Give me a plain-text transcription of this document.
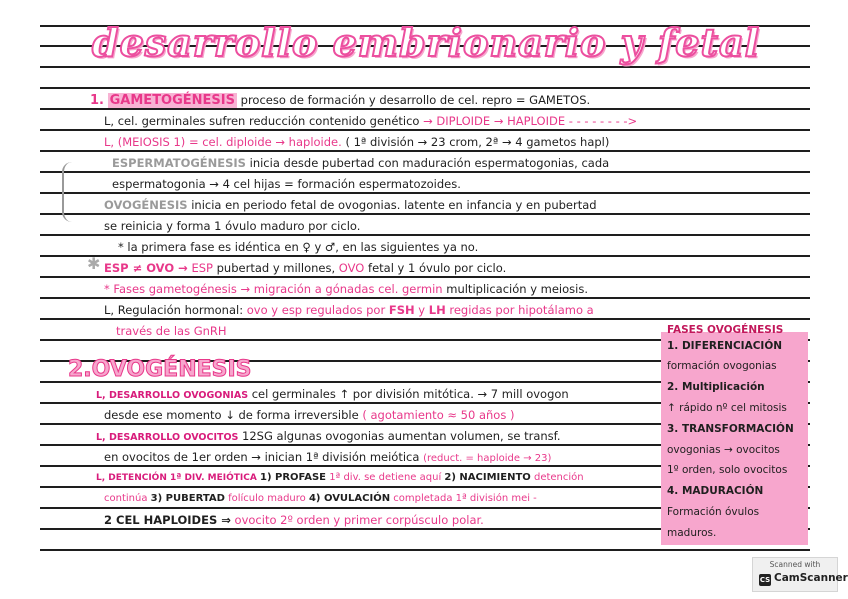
desarrollo embrionario y fetal
1. GAMETOGÉNESIS proceso de formación y desarrollo de cel. repro = GAMETOS.
L, cel. germinales sufren reducción contenido genético → DIPLOIDE → HAPLOIDE - - - - - - - ->
L, (MEIOSIS 1) = cel. diploide → haploide. ( 1ª división → 23 crom, 2ª → 4 gametos hapl)
ESPERMATOGÉNESIS inicia desde pubertad con maduración espermatogonias, cada
espermatogonia → 4 cel hijas = formación espermatozoides.
OVOGÉNESIS inicia en periodo fetal de ovogonias. latente en infancia y en pubertad
se reinicia y forma 1 óvulo maduro por ciclo.
* la primera fase es idéntica en ♀ y ♂, en las siguientes ya no.
✱ ESP ≠ OVO → ESP pubertad y millones, OVO fetal y 1 óvulo por ciclo.
* Fases gametogénesis → migración a gónadas cel. germin multiplicación y meiosis.
L, Regulación hormonal: ovo y esp regulados por FSH y LH regidas por hipotálamo a
través de las GnRH
2.OVOGÉNESIS
L, DESARROLLO OVOGONIAS cel germinales ↑ por división mitótica. → 7 mill ovogon
desde ese momento ↓ de forma irreversible ( agotamiento ≈ 50 años )
L, DESARROLLO OVOCITOS 12SG algunas ovogonias aumentan volumen, se transf.
en ovocitos de 1er orden → inician 1ª división meiótica (reduct. = haploide → 23)
L, DETENCIÓN 1ª DIV. MEIÓTICA 1) PROFASE 1ª div. se detiene aquí 2) NACIMIENTO detención
continúa 3) PUBERTAD folículo maduro 4) OVULACIÓN completada 1ª división mei -
2 CEL HAPLOIDES ⇒ ovocito 2º orden y primer corpúsculo polar.
FASES OVOGÉNESIS
1. DIFERENCIACIÓN
formación ovogonias
2. Multiplicación
↑ rápido nº cel mitosis
3. TRANSFORMACIÓN
ovogonias → ovocitos
1º orden, solo ovocitos
4. MADURACIÓN
Formación óvulos
maduros.
Scanned with
CS CamScanner
